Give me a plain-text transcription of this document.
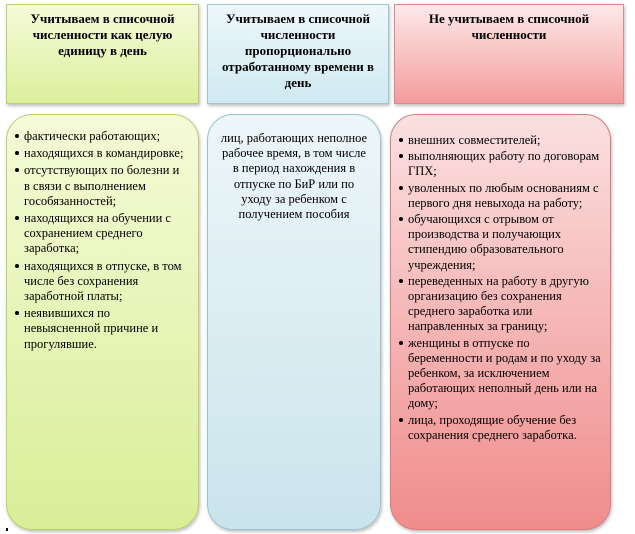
Учитываем в списочной численности как целую единицу в день
Учитываем в списочной численности пропорционально отработанному времени в день
Не учитываем в списочной численности
фактически работающих;
находящихся в командировке;
отсутствующих по болезни и в связи с выполнением гособязанностей;
находящихся на обучении с сохранением среднего заработка;
находящихся в отпуске, в том числе без сохранения заработной платы;
неявившихся по невыясненной причине и прогулявшие.
лиц, работающих неполное рабочее время, в том числе в период нахождения в отпуске по БиР или по уходу за ребенком с получением пособия
внешних совместителей;
выполняющих работу по договорам ГПХ;
уволенных по любым основаниям с первого дня невыхода на работу;
обучающихся с отрывом от производства и получающих стипендию образовательного учреждения;
переведенных на работу в другую организацию без сохранения среднего заработка или направленных за границу;
женщины в отпуске по беременности и родам и по уходу за ребенком, за исключением работающих неполный день или на дому;
лица, проходящие обучение без сохранения среднего заработка.
